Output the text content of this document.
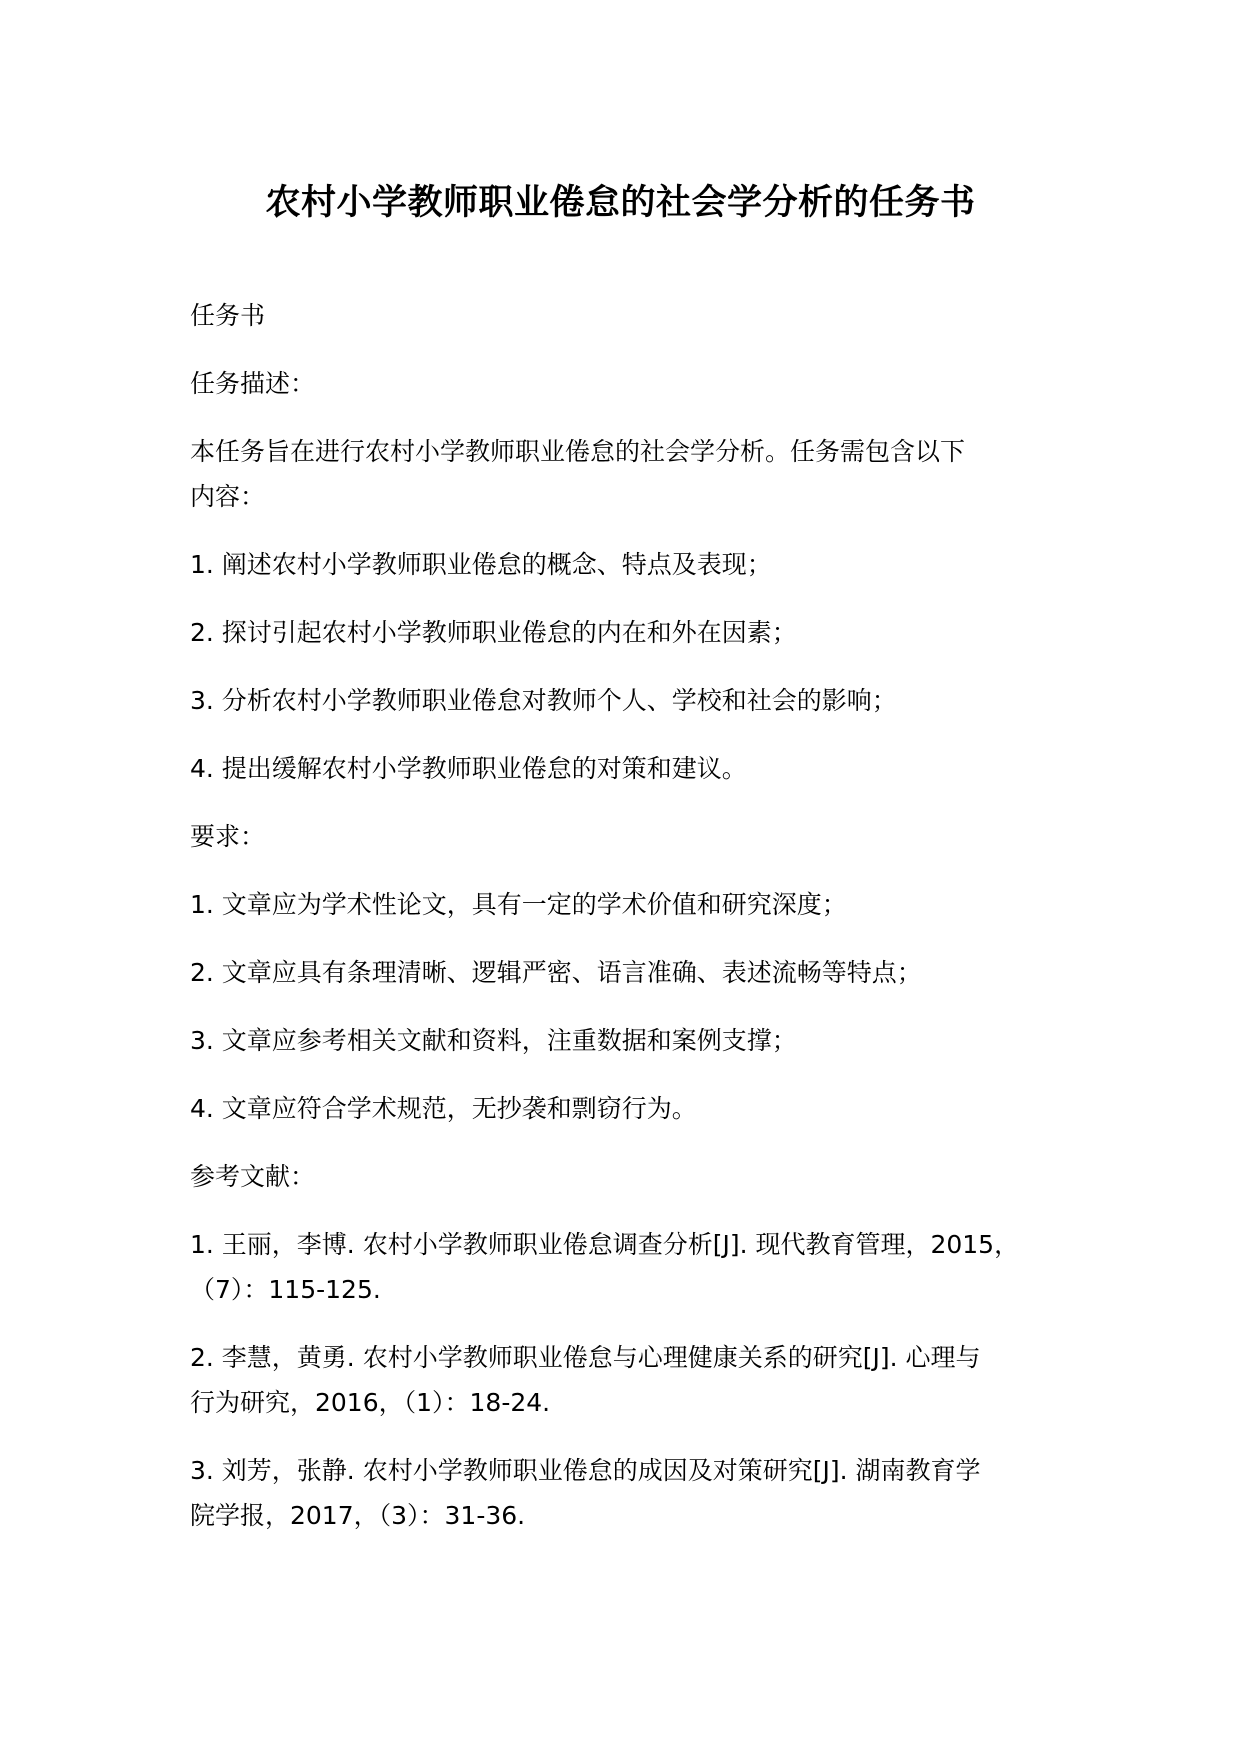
农村小学教师职业倦怠的社会学分析的任务书
任务书
任务描述：
本任务旨在进行农村小学教师职业倦怠的社会学分析。任务需包含以下
内容：
1. 阐述农村小学教师职业倦怠的概念、特点及表现；
2. 探讨引起农村小学教师职业倦怠的内在和外在因素；
3. 分析农村小学教师职业倦怠对教师个人、学校和社会的影响；
4. 提出缓解农村小学教师职业倦怠的对策和建议。
要求：
1. 文章应为学术性论文，具有一定的学术价值和研究深度；
2. 文章应具有条理清晰、逻辑严密、语言准确、表述流畅等特点；
3. 文章应参考相关文献和资料，注重数据和案例支撑；
4. 文章应符合学术规范，无抄袭和剽窃行为。
参考文献：
1. 王丽，李博. 农村小学教师职业倦怠调查分析[J]. 现代教育管理，2015，
（7）：115-125.
2. 李慧，黄勇. 农村小学教师职业倦怠与心理健康关系的研究[J]. 心理与
行为研究，2016，（1）：18-24.
3. 刘芳，张静. 农村小学教师职业倦怠的成因及对策研究[J]. 湖南教育学
院学报，2017，（3）：31-36.
